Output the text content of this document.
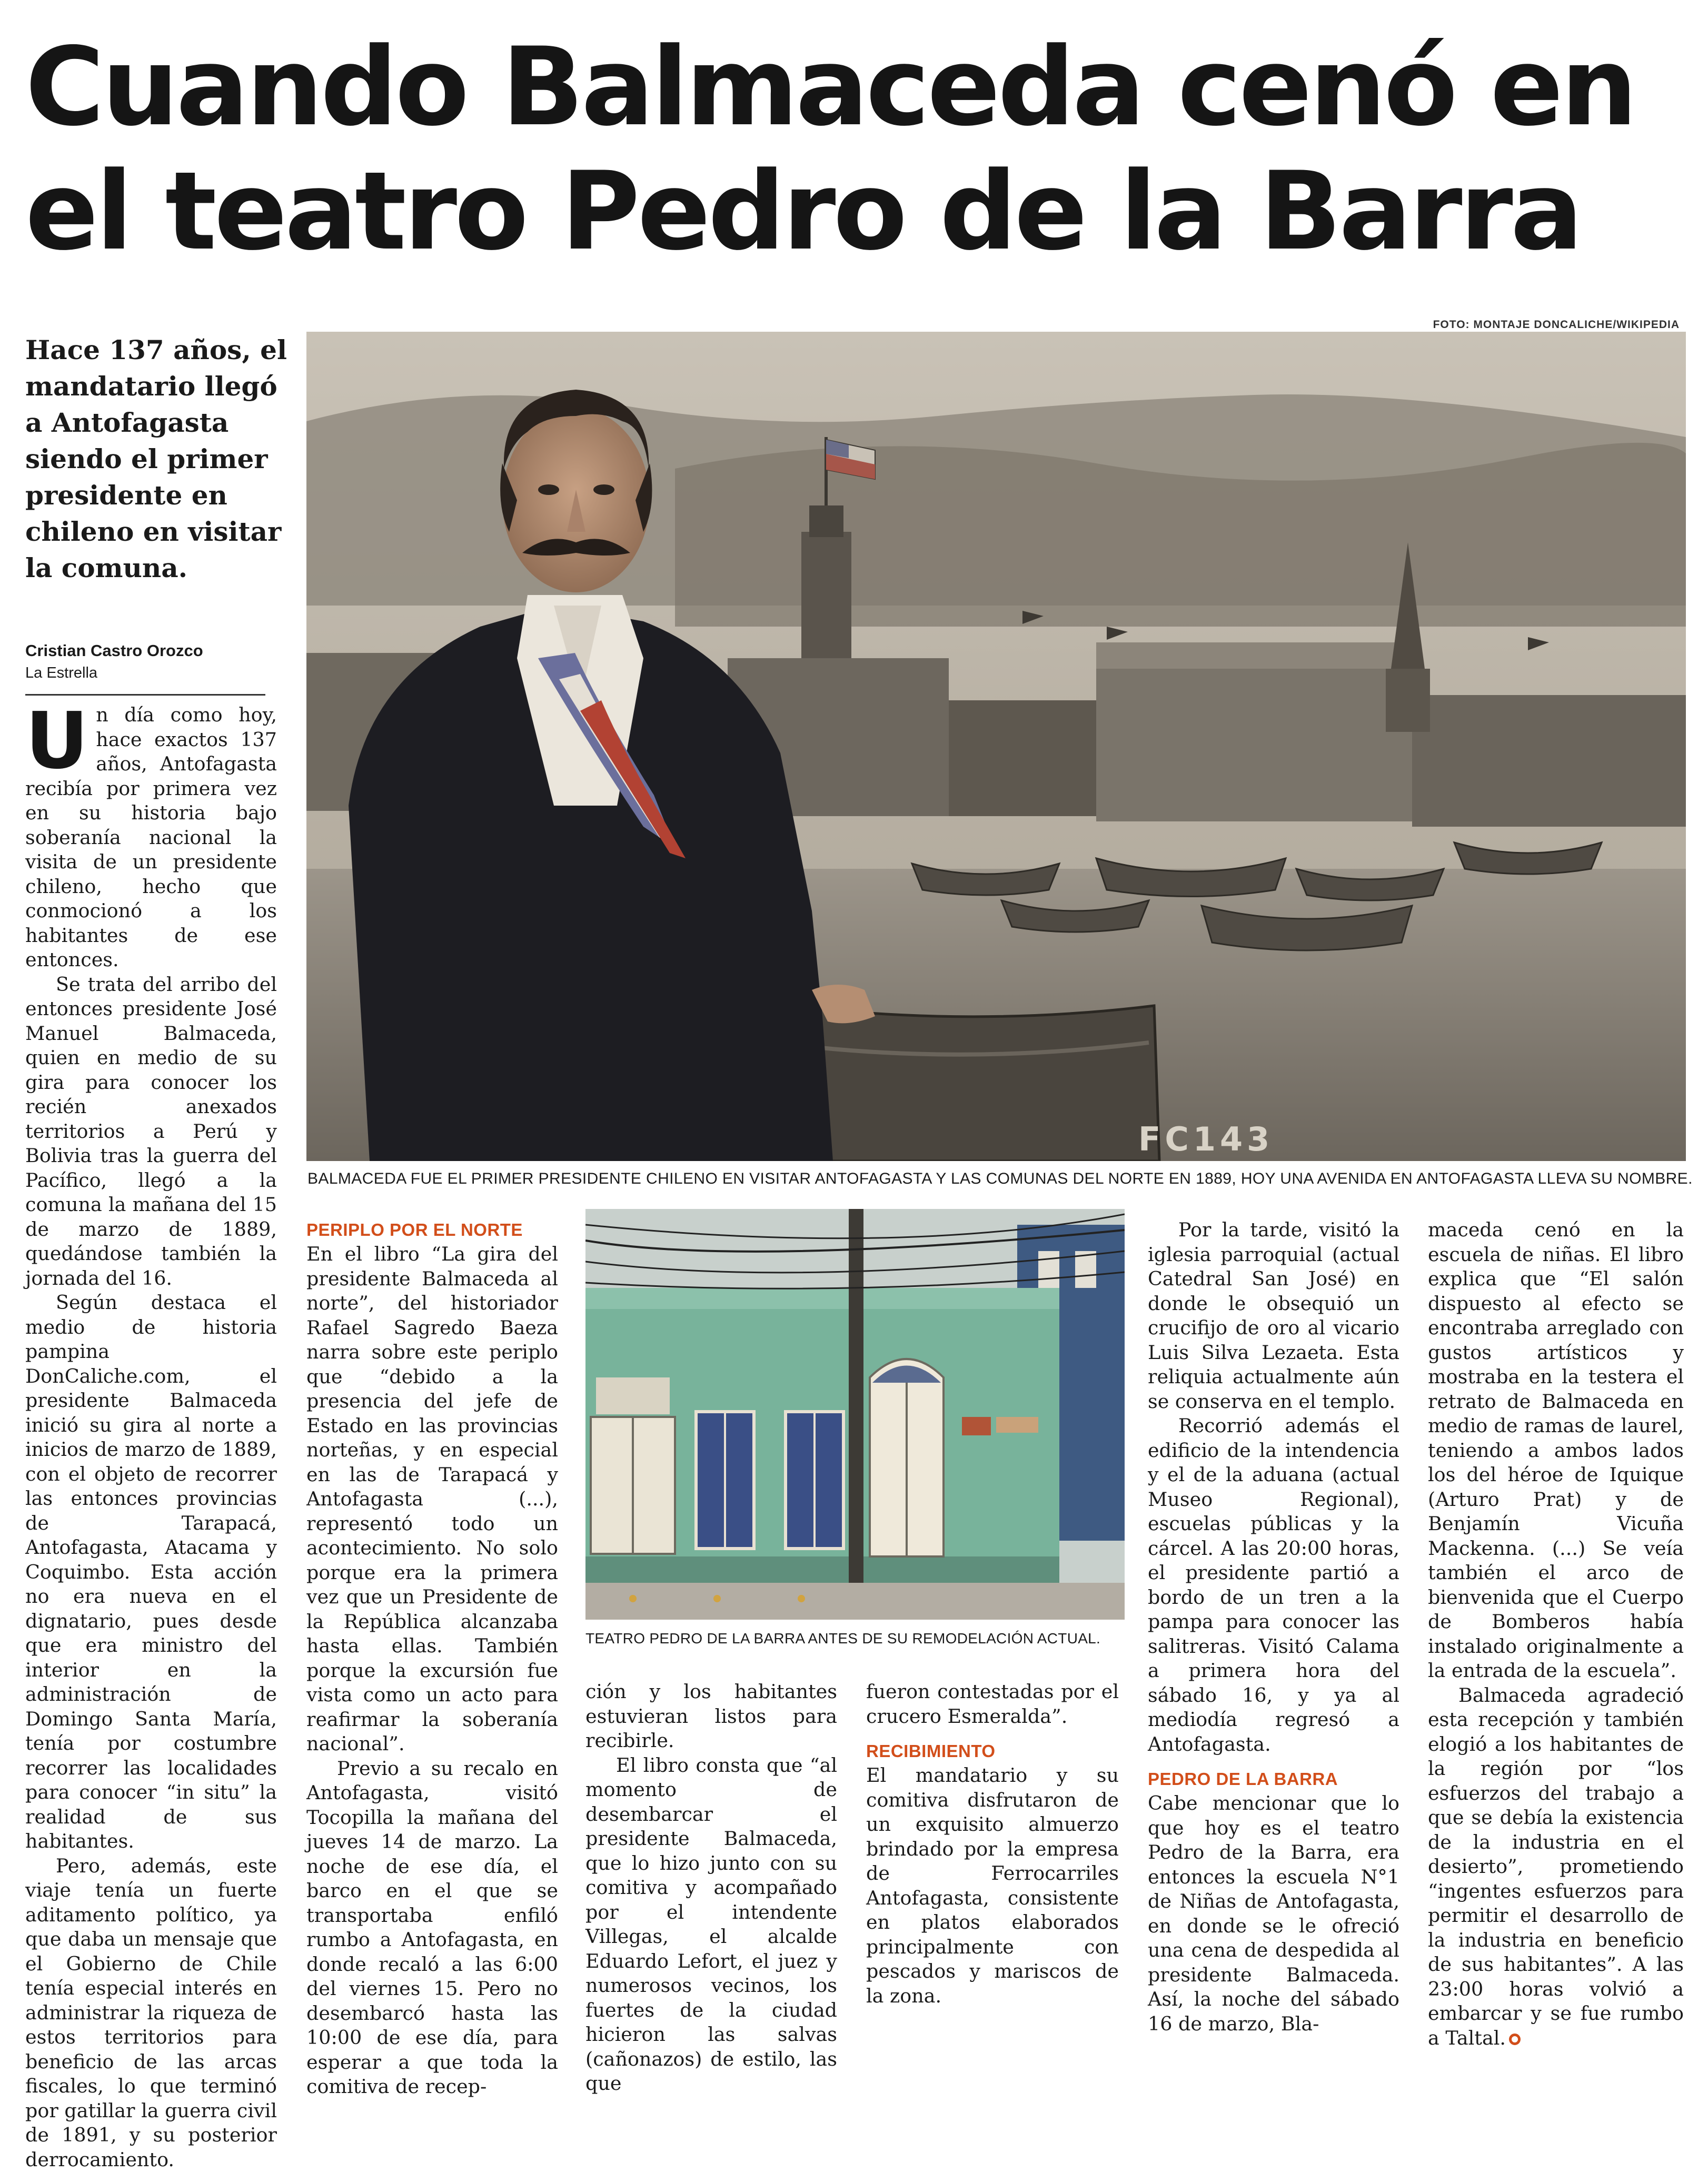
Cuando Balmaceda cenó en el teatro Pedro de la Barra

Hace 137 años, el mandatario llegó a Antofagasta siendo el primer presidente en chileno en visitar la comuna.

Cristian Castro Orozco
La Estrella
FOTO: MONTAJE DONCALICHE/WIKIPEDIA
FC143
BALMACEDA FUE EL PRIMER PRESIDENTE CHILENO EN VISITAR ANTOFAGASTA Y LAS COMUNAS DEL NORTE EN 1889, HOY UNA AVENIDA EN ANTOFAGASTA LLEVA SU NOMBRE.
TEATRO PEDRO DE LA BARRA ANTES DE SU REMODELACIÓN ACTUAL.

Un día como hoy, hace exactos 137 años, Antofagasta recibía por primera vez en su historia bajo soberanía nacional la visita de un presidente chileno, hecho que conmocionó a los habitantes de ese entonces.

Se trata del arribo del entonces presidente José Manuel Balmaceda, quien en medio de su gira para conocer los recién anexados territorios a Perú y Bolivia tras la guerra del Pacífico, llegó a la comuna la mañana del 15 de marzo de 1889, quedándose también la jornada del 16.

Según destaca el medio de historia pampina DonCaliche.com, el presidente Balmaceda inició su gira al norte a inicios de marzo de 1889, con el objeto de recorrer las entonces provincias de Tarapacá, Antofagasta, Atacama y Coquimbo. Esta acción no era nueva en el dignatario, pues desde que era ministro del interior en la administración de Domingo Santa María, tenía por costumbre recorrer las localidades para conocer “in situ” la realidad de sus habitantes.

Pero, además, este viaje tenía un fuerte aditamento político, ya que daba un mensaje que el Gobierno de Chile tenía especial interés en administrar la riqueza de estos territorios para beneficio de las arcas fiscales, lo que terminó por gatillar la guerra civil de 1891, y su posterior derrocamiento.

PERIPLO POR EL NORTE

En el libro “La gira del presidente Balmaceda al norte”, del historiador Rafael Sagredo Baeza narra sobre este periplo que “debido a la presencia del jefe de Estado en las provincias norteñas, y en especial en las de Tarapacá y Antofagasta (...), representó todo un acontecimiento. No solo porque era la primera vez que un Presidente de la República alcanzaba hasta ellas. También porque la excursión fue vista como un acto para reafirmar la soberanía nacional”.

Previo a su recalo en Antofagasta, visitó Tocopilla la mañana del jueves 14 de marzo. La noche de ese día, el barco en el que se transportaba enfiló rumbo a Antofagasta, en donde recaló a las 6:00 del viernes 15. Pero no desembarcó hasta las 10:00 de ese día, para esperar a que toda la comitiva de recep-

ción y los habitantes estuvieran listos para recibirle.

El libro consta que “al momento de desembarcar el presidente Balmaceda, que lo hizo junto con su comitiva y acompañado por el intendente Villegas, el alcalde Eduardo Lefort, el juez y numerosos vecinos, los fuertes de la ciudad hicieron las salvas (cañonazos) de estilo, las que

fueron contestadas por el crucero Esmeralda”.

RECIBIMIENTO

El mandatario y su comitiva disfrutaron de un exquisito almuerzo brindado por la empresa de Ferrocarriles Antofagasta, consistente en platos elaborados principalmente con pescados y mariscos de la zona.

Por la tarde, visitó la iglesia parroquial (actual Catedral San José) en donde le obsequió un crucifijo de oro al vicario Luis Silva Lezaeta. Esta reliquia actualmente aún se conserva en el templo.

Recorrió además el edificio de la intendencia y el de la aduana (actual Museo Regional), escuelas públicas y la cárcel. A las 20:00 horas, el presidente partió a bordo de un tren a la pampa para conocer las salitreras. Visitó Calama a primera hora del sábado 16, y ya al mediodía regresó a Antofagasta.

PEDRO DE LA BARRA

Cabe mencionar que lo que hoy es el teatro Pedro de la Barra, era entonces la escuela N°1 de Niñas de Antofagasta, en donde se le ofreció una cena de despedida al presidente Balmaceda. Así, la noche del sábado 16 de marzo, Bla-

maceda cenó en la escuela de niñas. El libro explica que “El salón dispuesto al efecto se encontraba arreglado con gustos artísticos y mostraba en la testera el retrato de Balmaceda en medio de ramas de laurel, teniendo a ambos lados los del héroe de Iquique (Arturo Prat) y de Benjamín Vicuña Mackenna. (...) Se veía también el arco de bienvenida que el Cuerpo de Bomberos había instalado originalmente a la entrada de la escuela”.

Balmaceda agradeció esta recepción y también elogió a los habitantes de la región por “los esfuerzos del trabajo a que se debía la existencia de la industria en el desierto”, prometiendo “ingentes esfuerzos para permitir el desarrollo de la industria en beneficio de sus habitantes”. A las 23:00 horas volvió a embarcar y se fue rumbo a Taltal.
